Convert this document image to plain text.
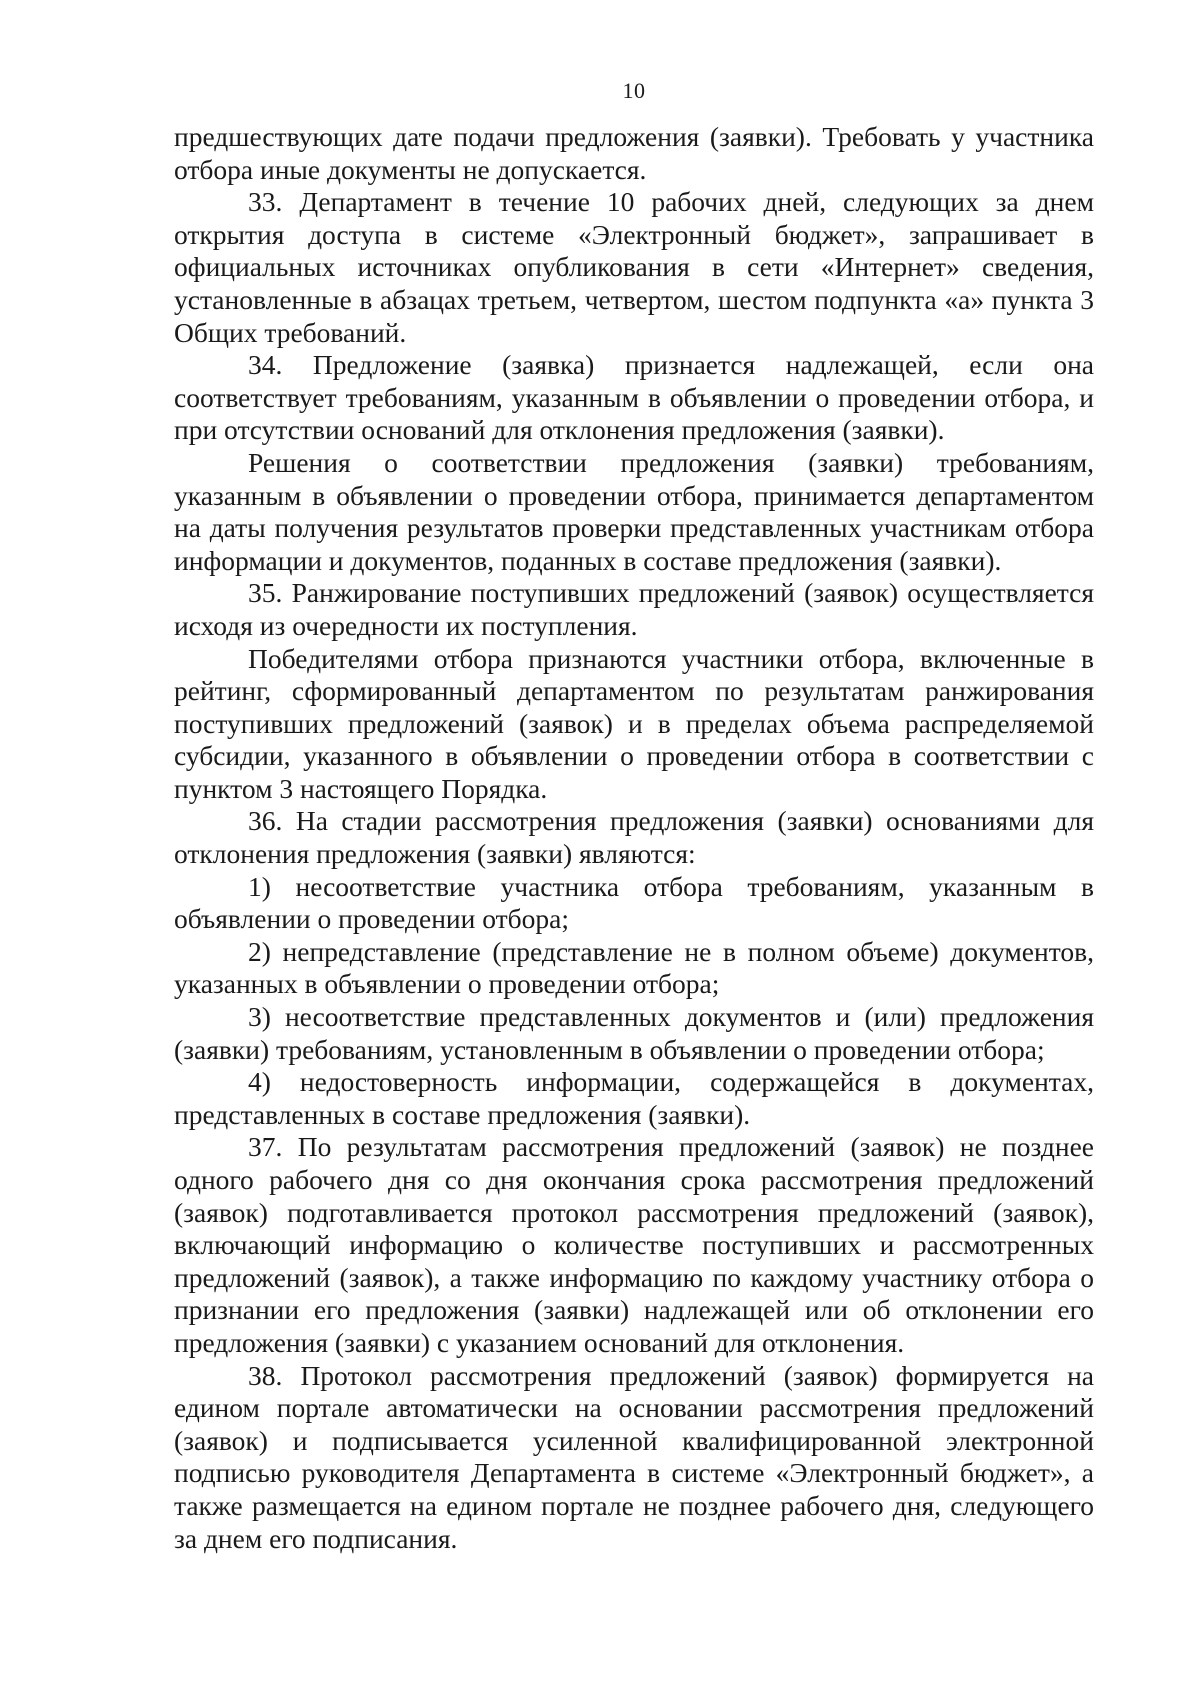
10

предшествующих дате подачи предложения (заявки). Требовать у участника отбора иные документы не допускается.

33. Департамент в течение 10 рабочих дней, следующих за днем открытия доступа в системе «Электронный бюджет», запрашивает в официальных источниках опубликования в сети «Интернет» сведения, установленные в абзацах третьем, четвертом, шестом подпункта «а» пункта 3 Общих требований.

34. Предложение (заявка) признается надлежащей, если она соответствует требованиям, указанным в объявлении о проведении отбора, и при отсутствии оснований для отклонения предложения (заявки).

Решения о соответствии предложения (заявки) требованиям, указанным в объявлении о проведении отбора, принимается департаментом на даты получения результатов проверки представленных участникам отбора информации и документов, поданных в составе предложения (заявки).

35. Ранжирование поступивших предложений (заявок) осуществляется исходя из очередности их поступления.

Победителями отбора признаются участники отбора, включенные в рейтинг, сформированный департаментом по результатам ранжирования поступивших предложений (заявок) и в пределах объема распределяемой субсидии, указанного в объявлении о проведении отбора в соответствии с пунктом 3 настоящего Порядка.

36. На стадии рассмотрения предложения (заявки) основаниями для отклонения предложения (заявки) являются:

1) несоответствие участника отбора требованиям, указанным в объявлении о проведении отбора;

2) непредставление (представление не в полном объеме) документов, указанных в объявлении о проведении отбора;

3) несоответствие представленных документов и (или) предложения (заявки) требованиям, установленным в объявлении о проведении отбора;

4) недостоверность информации, содержащейся в документах, представленных в составе предложения (заявки).

37. По результатам рассмотрения предложений (заявок) не позднее одного рабочего дня со дня окончания срока рассмотрения предложений (заявок) подготавливается протокол рассмотрения предложений (заявок), включающий информацию о количестве поступивших и рассмотренных предложений (заявок), а также информацию по каждому участнику отбора о признании его предложения (заявки) надлежащей или об отклонении его предложения (заявки) с указанием оснований для отклонения.

38. Протокол рассмотрения предложений (заявок) формируется на едином портале автоматически на основании рассмотрения предложений (заявок) и подписывается усиленной квалифицированной электронной подписью руководителя Департамента в системе «Электронный бюджет», а также размещается на едином портале не позднее рабочего дня, следующего за днем его подписания.
